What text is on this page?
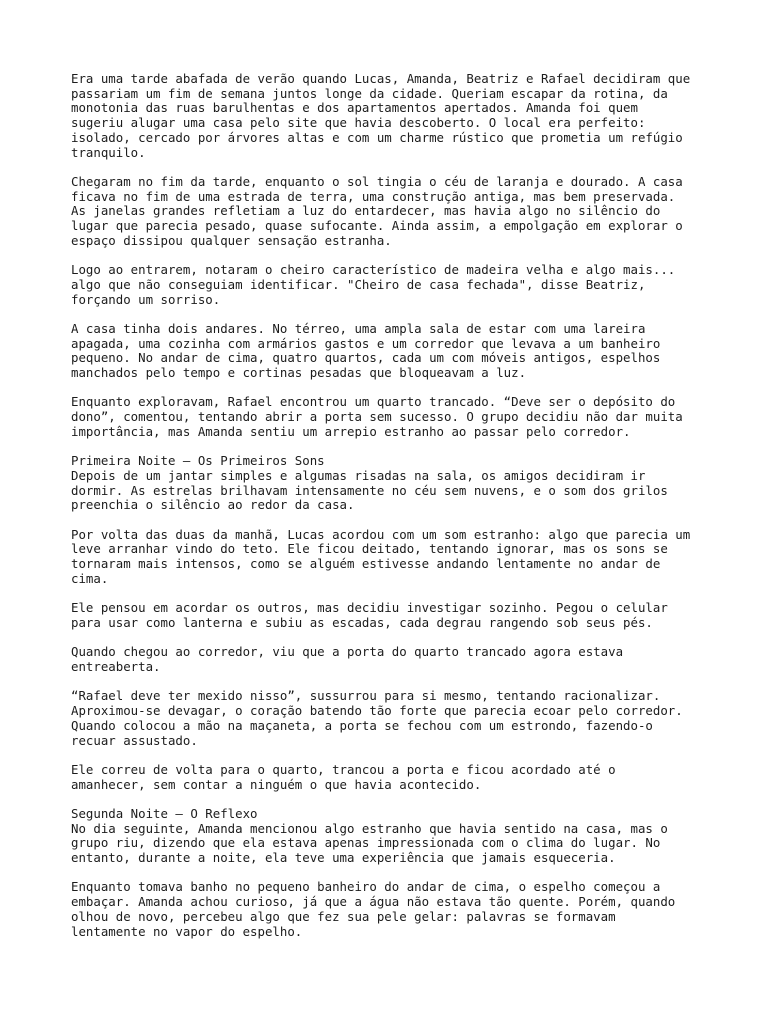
Era uma tarde abafada de verão quando Lucas, Amanda, Beatriz e Rafael decidiram que
passariam um fim de semana juntos longe da cidade. Queriam escapar da rotina, da
monotonia das ruas barulhentas e dos apartamentos apertados. Amanda foi quem
sugeriu alugar uma casa pelo site que havia descoberto. O local era perfeito:
isolado, cercado por árvores altas e com um charme rústico que prometia um refúgio
tranquilo.

Chegaram no fim da tarde, enquanto o sol tingia o céu de laranja e dourado. A casa
ficava no fim de uma estrada de terra, uma construção antiga, mas bem preservada.
As janelas grandes refletiam a luz do entardecer, mas havia algo no silêncio do
lugar que parecia pesado, quase sufocante. Ainda assim, a empolgação em explorar o
espaço dissipou qualquer sensação estranha.

Logo ao entrarem, notaram o cheiro característico de madeira velha e algo mais...
algo que não conseguiam identificar. "Cheiro de casa fechada", disse Beatriz,
forçando um sorriso.

A casa tinha dois andares. No térreo, uma ampla sala de estar com uma lareira
apagada, uma cozinha com armários gastos e um corredor que levava a um banheiro
pequeno. No andar de cima, quatro quartos, cada um com móveis antigos, espelhos
manchados pelo tempo e cortinas pesadas que bloqueavam a luz.

Enquanto exploravam, Rafael encontrou um quarto trancado. “Deve ser o depósito do
dono”, comentou, tentando abrir a porta sem sucesso. O grupo decidiu não dar muita
importância, mas Amanda sentiu um arrepio estranho ao passar pelo corredor.

Primeira Noite – Os Primeiros Sons
Depois de um jantar simples e algumas risadas na sala, os amigos decidiram ir
dormir. As estrelas brilhavam intensamente no céu sem nuvens, e o som dos grilos
preenchia o silêncio ao redor da casa.

Por volta das duas da manhã, Lucas acordou com um som estranho: algo que parecia um
leve arranhar vindo do teto. Ele ficou deitado, tentando ignorar, mas os sons se
tornaram mais intensos, como se alguém estivesse andando lentamente no andar de
cima.

Ele pensou em acordar os outros, mas decidiu investigar sozinho. Pegou o celular
para usar como lanterna e subiu as escadas, cada degrau rangendo sob seus pés.

Quando chegou ao corredor, viu que a porta do quarto trancado agora estava
entreaberta.

“Rafael deve ter mexido nisso”, sussurrou para si mesmo, tentando racionalizar.
Aproximou-se devagar, o coração batendo tão forte que parecia ecoar pelo corredor.
Quando colocou a mão na maçaneta, a porta se fechou com um estrondo, fazendo-o
recuar assustado.

Ele correu de volta para o quarto, trancou a porta e ficou acordado até o
amanhecer, sem contar a ninguém o que havia acontecido.

Segunda Noite – O Reflexo
No dia seguinte, Amanda mencionou algo estranho que havia sentido na casa, mas o
grupo riu, dizendo que ela estava apenas impressionada com o clima do lugar. No
entanto, durante a noite, ela teve uma experiência que jamais esqueceria.

Enquanto tomava banho no pequeno banheiro do andar de cima, o espelho começou a
embaçar. Amanda achou curioso, já que a água não estava tão quente. Porém, quando
olhou de novo, percebeu algo que fez sua pele gelar: palavras se formavam
lentamente no vapor do espelho.
